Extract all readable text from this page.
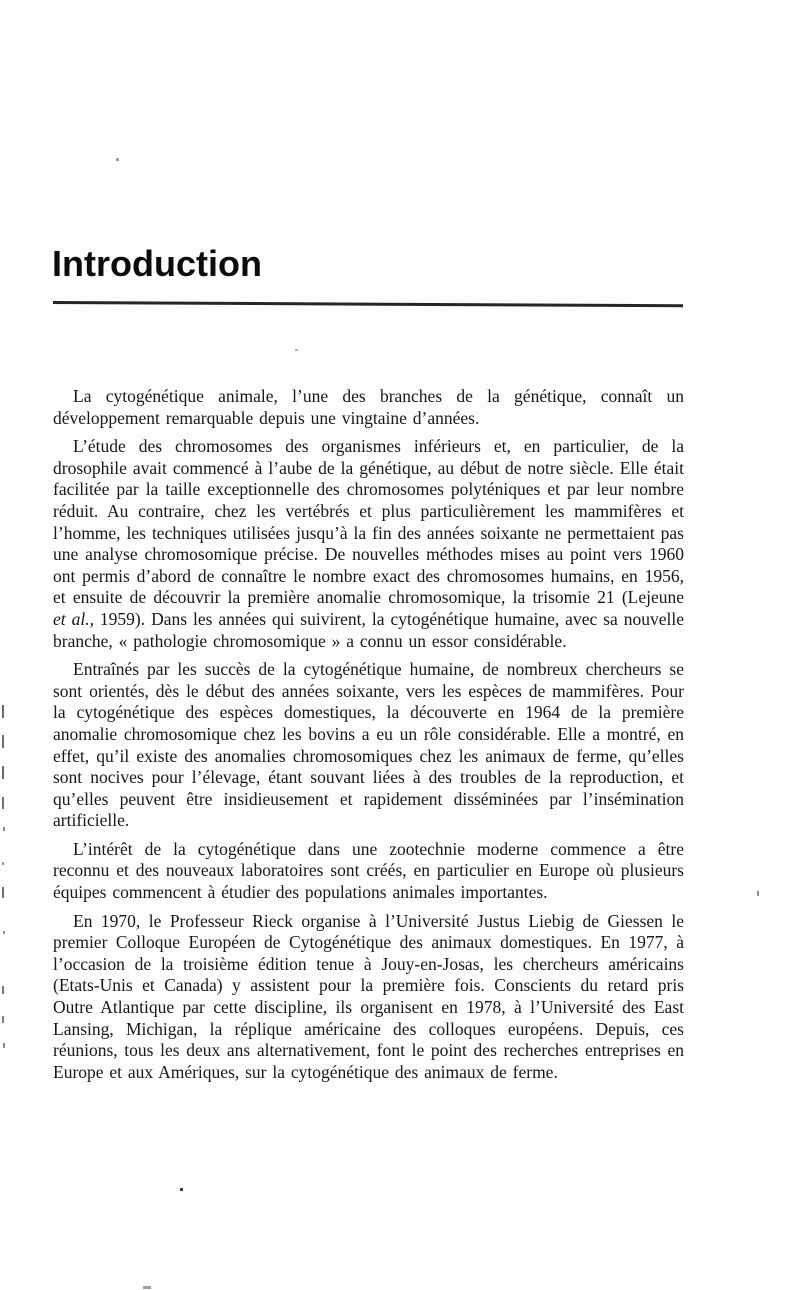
Introduction

La cytogénétique animale, l’une des branches de la génétique, connaît un développement remarquable depuis une vingtaine d’années.

L’étude des chromosomes des organismes inférieurs et, en particulier, de la drosophile avait commencé à l’aube de la génétique, au début de notre siècle. Elle était facilitée par la taille exceptionnelle des chromosomes polyténiques et par leur nombre réduit. Au contraire, chez les vertébrés et plus particulièrement les mammifères et l’homme, les techniques utilisées jusqu’à la fin des années soixante ne permettaient pas une analyse chromosomique précise. De nouvelles méthodes mises au point vers 1960 ont permis d’abord de connaître le nombre exact des chromosomes humains, en 1956, et ensuite de découvrir la première anomalie chromosomique, la trisomie 21 (Lejeune et al., 1959). Dans les années qui suivirent, la cytogénétique humaine, avec sa nouvelle branche, « pathologie chromosomique » a connu un essor considérable.

Entraînés par les succès de la cytogénétique humaine, de nombreux chercheurs se sont orientés, dès le début des années soixante, vers les espèces de mammifères. Pour la cytogénétique des espèces domestiques, la découverte en 1964 de la première anomalie chromosomique chez les bovins a eu un rôle considérable. Elle a montré, en effet, qu’il existe des anomalies chromosomiques chez les animaux de ferme, qu’elles sont nocives pour l’élevage, étant souvant liées à des troubles de la reproduction, et qu’elles peuvent être insidieusement et rapidement disséminées par l’insémination artificielle.

L’intérêt de la cytogénétique dans une zootechnie moderne commence a être reconnu et des nouveaux laboratoires sont créés, en particulier en Europe où plusieurs équipes commencent à étudier des populations animales importantes.

En 1970, le Professeur Rieck organise à l’Université Justus Liebig de Giessen le premier Colloque Européen de Cytogénétique des animaux domestiques. En 1977, à l’occasion de la troisième édition tenue à Jouy-en-Josas, les chercheurs américains (Etats-Unis et Canada) y assistent pour la première fois. Conscients du retard pris Outre Atlantique par cette discipline, ils organisent en 1978, à l’Université des East Lansing, Michigan, la réplique américaine des colloques européens. Depuis, ces réunions, tous les deux ans alternativement, font le point des recherches entreprises en Europe et aux Amériques, sur la cytogénétique des animaux de ferme.
